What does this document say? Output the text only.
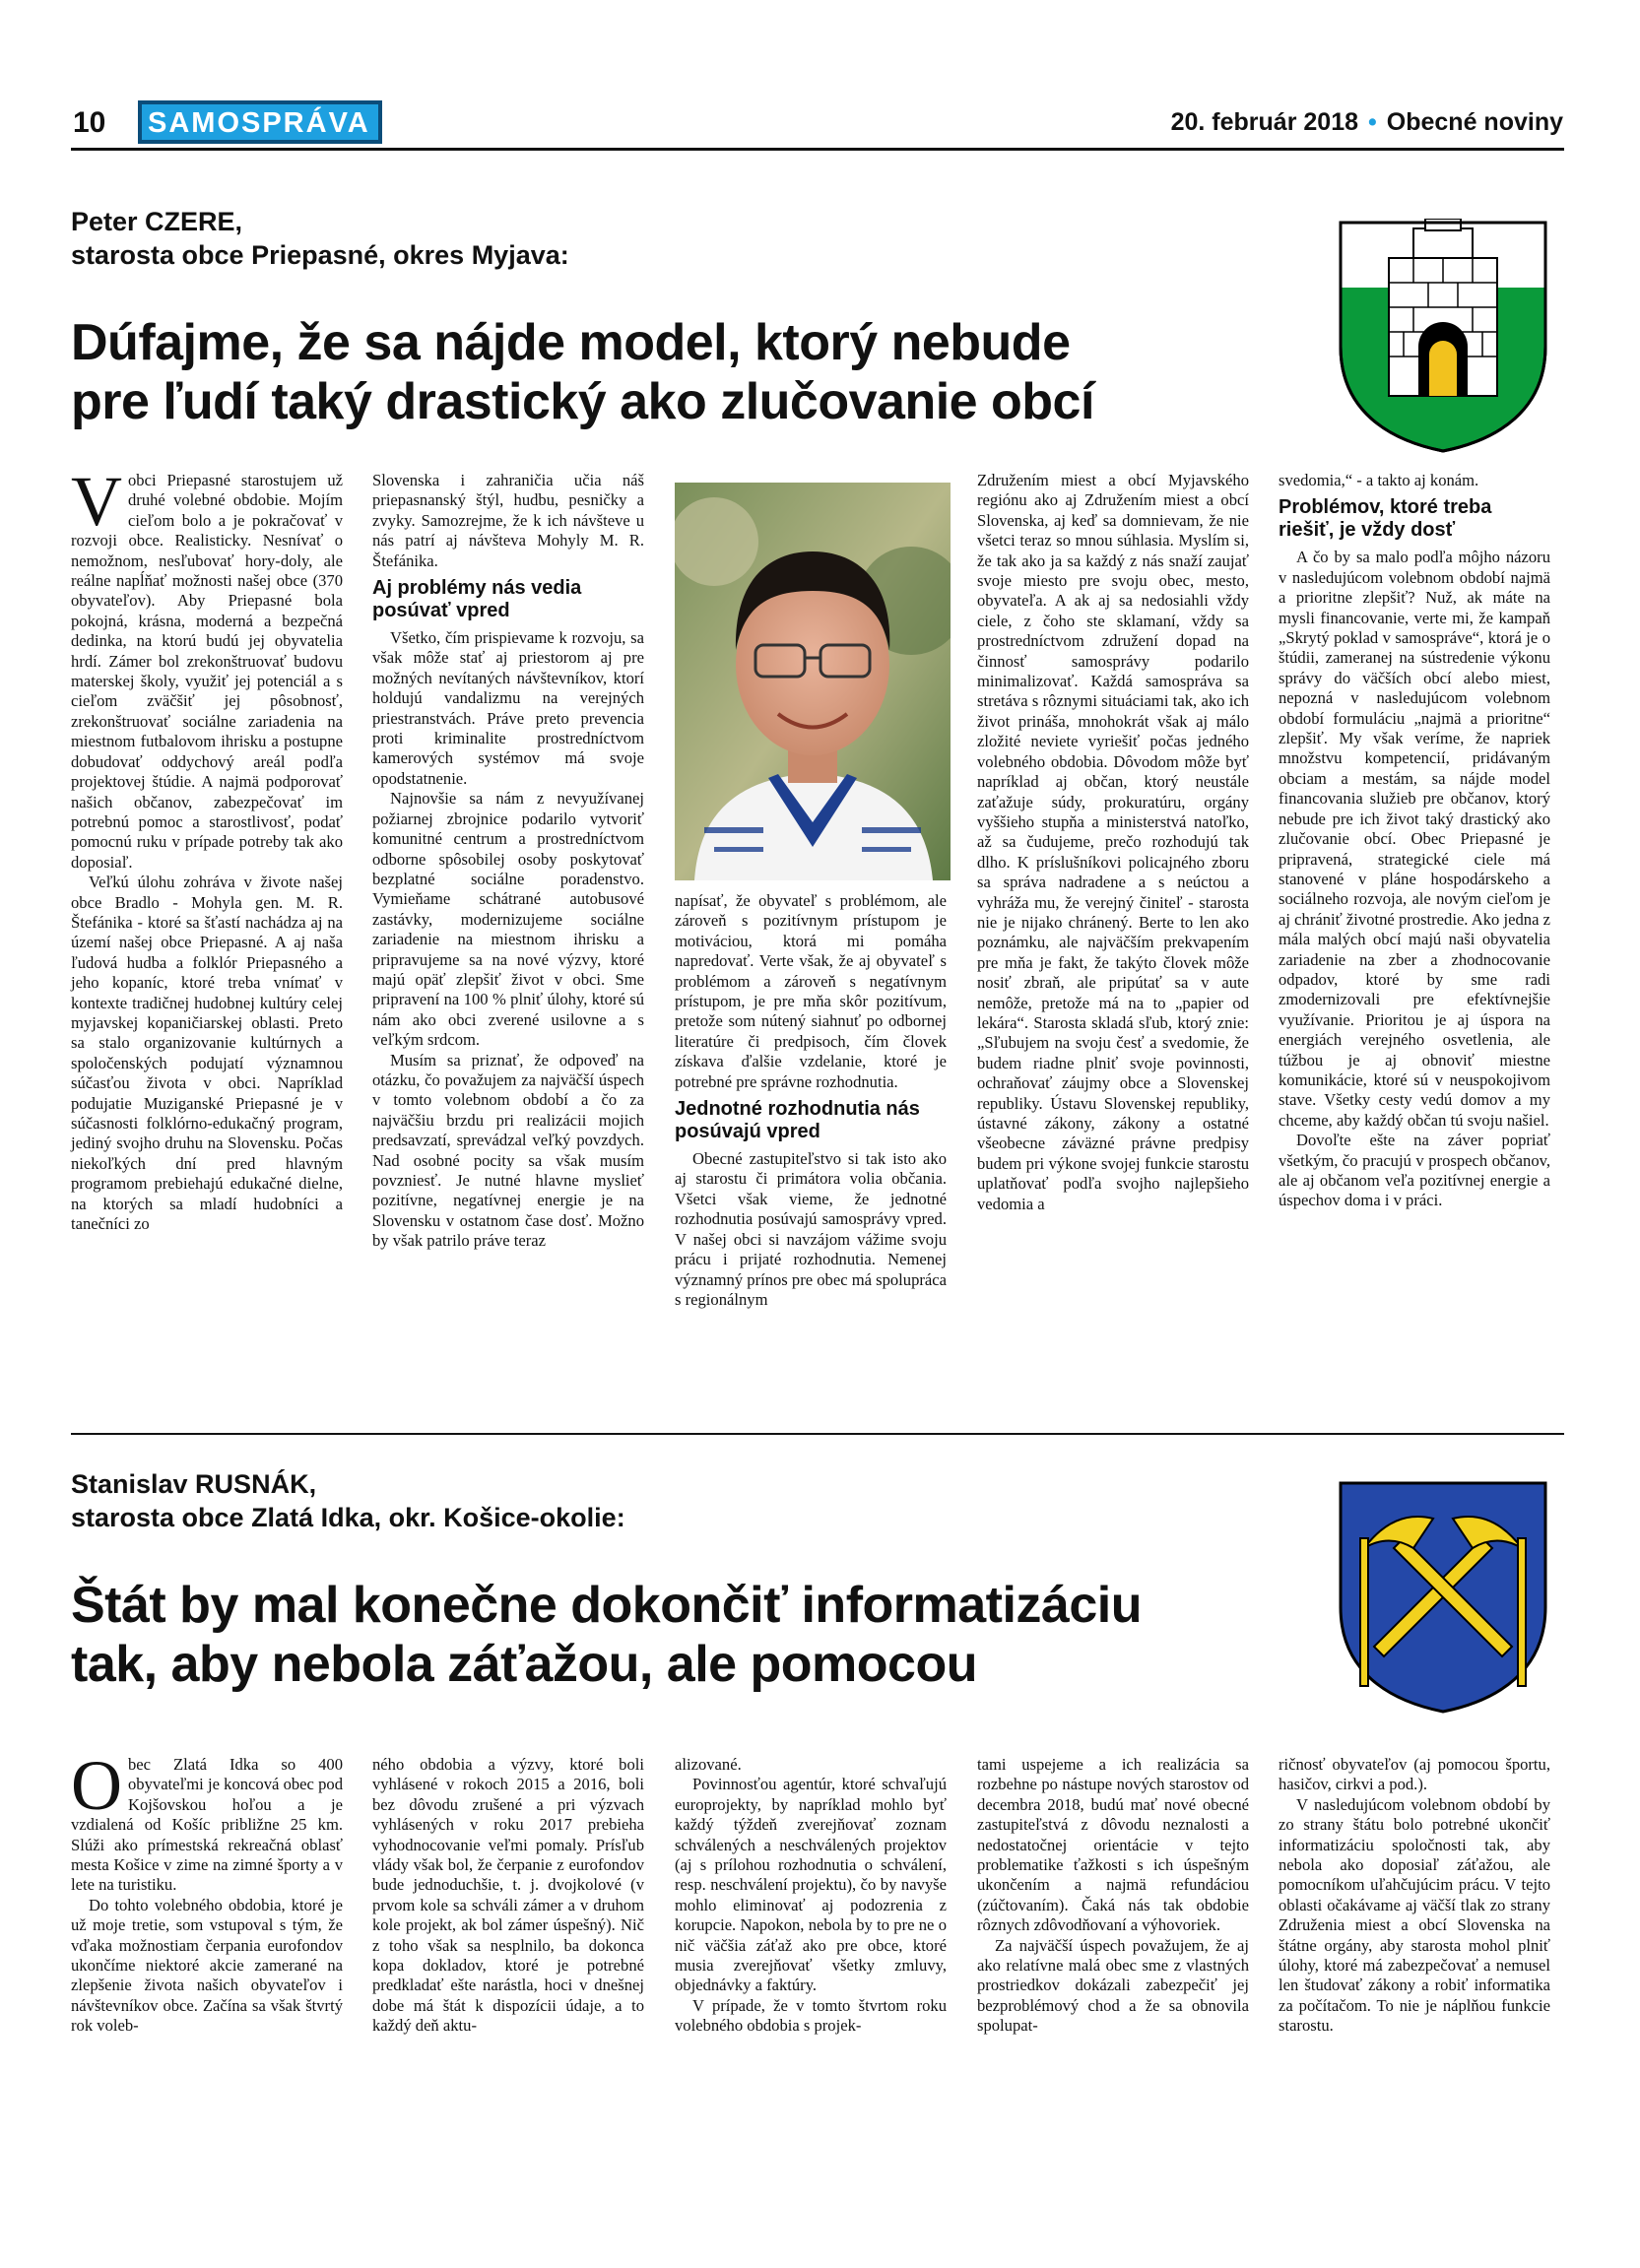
10 SAMOSPRÁVA	20. február 2018 • Obecné noviny
Peter CZERE,
starosta obce Priepasné, okres Myjava:
Dúfajme, že sa nájde model, ktorý nebude
pre ľudí taký drastický ako zlučovanie obcí

Vobci Priepasné starostujem už druhé volebné obdobie. Mojím cieľom bolo a je pokračovať v rozvoji obce. Realisticky. Nesnívať o nemožnom, nesľubovať hory-doly, ale reálne napĺňať možnosti našej obce (370 obyvateľov). Aby Priepasné bola pokojná, krásna, moderná a bezpečná dedinka, na ktorú budú jej obyvatelia hrdí. Zámer bol zrekonštruovať budovu materskej školy, využiť jej potenciál a s cieľom zväčšiť jej pôsobnosť, zrekonštruovať sociálne zariadenia na miestnom futbalovom ihrisku a postupne dobudovať oddychový areál podľa projektovej štúdie. A najmä podporovať našich občanov, zabezpečovať im potrebnú pomoc a starostlivosť, podať pomocnú ruku v prípade potreby tak ako doposiaľ.

Veľkú úlohu zohráva v živote našej obce Bradlo - Mohyla gen. M. R. Štefánika - ktoré sa šťastí nachádza aj na území našej obce Priepasné. A aj naša ľudová hudba a folklór Priepasného a jeho kopaníc, ktoré treba vnímať v kontexte tradičnej hudobnej kultúry celej myjavskej kopaničiarskej oblasti. Preto sa stalo organizovanie kultúrnych a spoločenských podujatí významnou súčasťou života v obci. Napríklad podujatie Muziganské Priepasné je v súčasnosti folklórno-edukačný program, jediný svojho druhu na Slovensku. Počas niekoľkých dní pred hlavným programom prebiehajú edukačné dielne, na ktorých sa mladí hudobníci a tanečníci zo

Slovenska i zahraničia učia náš priepasnanský štýl, hudbu, pesničky a zvyky. Samozrejme, že k ich návšteve u nás patrí aj návšteva Mohyly M. R. Štefánika.

Aj problémy nás vedia posúvať vpred

Všetko, čím prispievame k rozvoju, sa však môže stať aj priestorom aj pre možných nevítaných návštevníkov, ktorí holdujú vandalizmu na verejných priestranstvách. Práve preto prevencia proti kriminalite prostredníctvom kamerových systémov má svoje opodstatnenie.

Najnovšie sa nám z nevyužívanej požiarnej zbrojnice podarilo vytvoriť komunitné centrum a prostredníctvom odborne spôsobilej osoby poskytovať bezplatné sociálne poradenstvo. Vymieňame schátrané autobusové zastávky, modernizujeme sociálne zariadenie na miestnom ihrisku a pripravujeme sa na nové výzvy, ktoré majú opäť zlepšiť život v obci. Sme pripravení na 100 % plniť úlohy, ktoré sú nám ako obci zverené usilovne a s veľkým srdcom.

Musím sa priznať, že odpoveď na otázku, čo považujem za najväčší úspech v tomto volebnom období a čo za najväčšiu brzdu pri realizácii mojich predsavzatí, sprevádzal veľký povzdych. Nad osobné pocity sa však musím povzniesť. Je nutné hlavne myslieť pozitívne, negatívnej energie je na Slovensku v ostatnom čase dosť. Možno by však patrilo práve teraz

napísať, že obyvateľ s problémom, ale zároveň s pozitívnym prístupom je motiváciou, ktorá mi pomáha napredovať. Verte však, že aj obyvateľ s problémom a zároveň s negatívnym prístupom, je pre mňa skôr pozitívum, pretože som nútený siahnuť po odbornej literatúre či predpisoch, čím človek získava ďalšie vzdelanie, ktoré je potrebné pre správne rozhodnutia.

Jednotné rozhodnutia nás posúvajú vpred

Obecné zastupiteľstvo si tak isto ako aj starostu či primátora volia občania. Všetci však vieme, že jednotné rozhodnutia posúvajú samosprávy vpred. V našej obci si navzájom vážime svoju prácu i prijaté rozhodnutia. Nemenej významný prínos pre obec má spolupráca s regionálnym

Združením miest a obcí Myjavského regiónu ako aj Združením miest a obcí Slovenska, aj keď sa domnievam, že nie všetci teraz so mnou súhlasia. Myslím si, že tak ako ja sa každý z nás snaží zaujať svoje miesto pre svoju obec, mesto, obyvateľa. A ak aj sa nedosiahli vždy ciele, z čoho ste sklamaní, vždy sa prostredníctvom združení dopad na činnosť samosprávy podarilo minimalizovať. Každá samospráva sa stretáva s rôznymi situáciami tak, ako ich život prináša, mnohokrát však aj málo zložité neviete vyriešiť počas jedného volebného obdobia. Dôvodom môže byť napríklad aj občan, ktorý neustále zaťažuje súdy, prokuratúru, orgány vyššieho stupňa a ministerstvá natoľko, až sa čudujeme, prečo rozhodujú tak dlho. K príslušníkovi policajného zboru sa správa nadradene a s neúctou a vyhráža mu, že verejný činiteľ - starosta nie je nijako chránený. Berte to len ako poznámku, ale najväčším prekvapením pre mňa je fakt, že takýto človek môže nosiť zbraň, ale pripútať sa v aute nemôže, pretože má na to „papier od lekára“. Starosta skladá sľub, ktorý znie: „Sľubujem na svoju česť a svedomie, že budem riadne plniť svoje povinnosti, ochraňovať záujmy obce a Slovenskej republiky. Ústavu Slovenskej republiky, ústavné zákony, zákony a ostatné všeobecne záväzné právne predpisy budem pri výkone svojej funkcie starostu uplatňovať podľa svojho najlepšieho vedomia a

svedomia,“ - a takto aj konám.

Problémov, ktoré treba riešiť, je vždy dosť

A čo by sa malo podľa môjho názoru v nasledujúcom volebnom období najmä a prioritne zlepšiť? Nuž, ak máte na mysli financovanie, verte mi, že kampaň „Skrytý poklad v samospráve“, ktorá je o štúdii, zameranej na sústredenie výkonu správy do väčších obcí alebo miest, nepozná v nasledujúcom volebnom období formuláciu „najmä a prioritne“ zlepšiť. My však veríme, že napriek množstvu kompetencií, pridávaným obciam a mestám, sa nájde model financovania služieb pre občanov, ktorý nebude pre ich život taký drastický ako zlučovanie obcí. Obec Priepasné je pripravená, strategické ciele má stanovené v pláne hospodárskeho a sociálneho rozvoja, ale novým cieľom je aj chrániť životné prostredie. Ako jedna z mála malých obcí majú naši obyvatelia zariadenie na zber a zhodnocovanie odpadov, ktoré by sme radi zmodernizovali pre efektívnejšie využívanie. Prioritou je aj úspora na energiách verejného osvetlenia, ale túžbou je aj obnoviť miestne komunikácie, ktoré sú v neuspokojivom stave. Všetky cesty vedú domov a my chceme, aby každý občan tú svoju našiel.

Dovoľte ešte na záver popriať všetkým, čo pracujú v prospech občanov, ale aj občanom veľa pozitívnej energie a úspechov doma i v práci.

Stanislav RUSNÁK,
starosta obce Zlatá Idka, okr. Košice-okolie:
Štát by mal konečne dokončiť informatizáciu
tak, aby nebola záťažou, ale pomocou

Obec Zlatá Idka so 400 obyvateľmi je koncová obec pod Kojšovskou hoľou a je vzdialená od Košíc približne 25 km. Slúži ako prímestská rekreačná oblasť mesta Košice v zime na zimné športy a v lete na turistiku.

Do tohto volebného obdobia, ktoré je už moje tretie, som vstupoval s tým, že vďaka možnostiam čerpania eurofondov ukončíme niektoré akcie zamerané na zlepšenie života našich obyvateľov i návštevníkov obce. Začína sa však štvrtý rok voleb-

ného obdobia a výzvy, ktoré boli vyhlásené v rokoch 2015 a 2016, boli bez dôvodu zrušené a pri výzvach vyhlásených v roku 2017 prebieha vyhodnocovanie veľmi pomaly. Prísľub vlády však bol, že čerpanie z eurofondov bude jednoduchšie, t. j. dvojkolové (v prvom kole sa schváli zámer a v druhom kole projekt, ak bol zámer úspešný). Nič z toho však sa nesplnilo, ba dokonca kopa dokladov, ktoré je potrebné predkladať ešte narástla, hoci v dnešnej dobe má štát k dispozícii údaje, a to každý deň aktu-

alizované.

Povinnosťou agentúr, ktoré schvaľujú europrojekty, by napríklad mohlo byť každý týždeň zverejňovať zoznam schválených a neschválených projektov (aj s prílohou rozhodnutia o schválení, resp. neschválení projektu), čo by navyše mohlo eliminovať aj podozrenia z korupcie. Napokon, nebola by to pre ne o nič väčšia záťaž ako pre obce, ktoré musia zverejňovať všetky zmluvy, objednávky a faktúry.

V prípade, že v tomto štvrtom roku volebného obdobia s projek-

tami uspejeme a ich realizácia sa rozbehne po nástupe nových starostov od decembra 2018, budú mať nové obecné zastupiteľstvá z dôvodu neznalosti a nedostatočnej orientácie v tejto problematike ťažkosti s ich úspešným ukončením a najmä refundáciou (zúčtovaním). Čaká nás tak obdobie rôznych zdôvodňovaní a výhovoriek.

Za najväčší úspech považujem, že aj ako relatívne malá obec sme z vlastných prostriedkov dokázali zabezpečiť jej bezproblémový chod a že sa obnovila spolupat-

ričnosť obyvateľov (aj pomocou športu, hasičov, cirkvi a pod.).

V nasledujúcom volebnom období by zo strany štátu bolo potrebné ukončiť informatizáciu spoločnosti tak, aby nebola ako doposiaľ záťažou, ale pomocníkom uľahčujúcim prácu. V tejto oblasti očakávame aj väčší tlak zo strany Združenia miest a obcí Slovenska na štátne orgány, aby starosta mohol plniť úlohy, ktoré má zabezpečovať a nemusel len študovať zákony a robiť informatika za počítačom. To nie je náplňou funkcie starostu.
